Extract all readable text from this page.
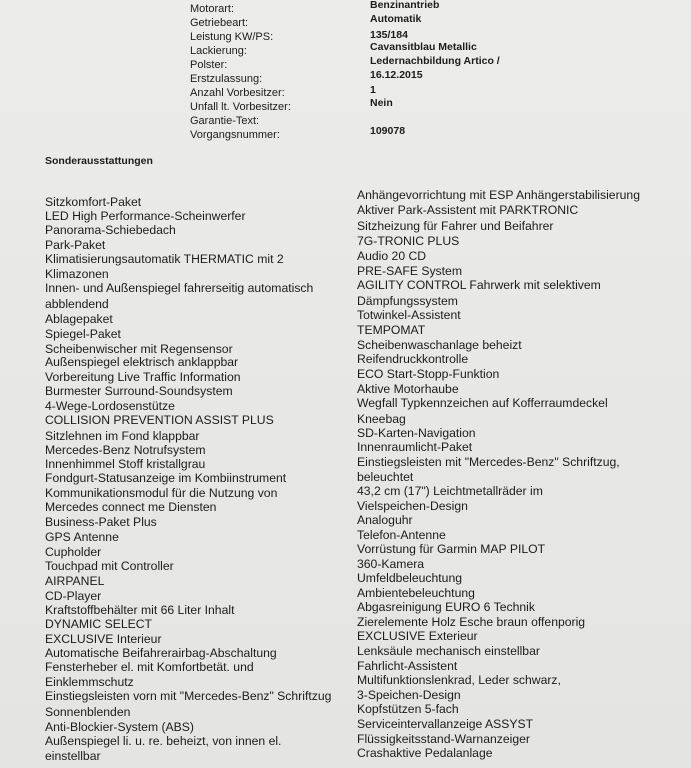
Motorart:	Benzinantrieb
Getriebeart:	Automatik
Leistung KW/PS:	135/184
Lackierung:	Cavansitblau Metallic
Polster:	Ledernachbildung Artico /
Erstzulassung:	16.12.2015
Anzahl Vorbesitzer:	1
Unfall lt. Vorbesitzer:	Nein
Garantie-Text:
Vorgangsnummer:	109078
Sonderausstattungen
Sitzkomfort-Paket
LED High Performance-Scheinwerfer
Panorama-Schiebedach
Park-Paket
Klimatisierungsautomatik THERMATIC mit 2
Klimazonen
Innen- und Außenspiegel fahrerseitig automatisch
abblendend
Ablagepaket
Spiegel-Paket
Scheibenwischer mit Regensensor
Außenspiegel elektrisch anklappbar
Vorbereitung Live Traffic Information
Burmester Surround-Soundsystem
4-Wege-Lordosenstütze
COLLISION PREVENTION ASSIST PLUS
Sitzlehnen im Fond klappbar
Mercedes-Benz Notrufsystem
Innenhimmel Stoff kristallgrau
Fondgurt-Statusanzeige im Kombiinstrument
Kommunikationsmodul für die Nutzung von
Mercedes connect me Diensten
Business-Paket Plus
GPS Antenne
Cupholder
Touchpad mit Controller
AIRPANEL
CD-Player
Kraftstoffbehälter mit 66 Liter Inhalt
DYNAMIC SELECT
EXCLUSIVE Interieur
Automatische Beifahrerairbag-Abschaltung
Fensterheber el. mit Komfortbetät. und
Einklemmschutz
Einstiegsleisten vorn mit "Mercedes-Benz" Schriftzug
Sonnenblenden
Anti-Blockier-System (ABS)
Außenspiegel li. u. re. beheizt, von innen el.
einstellbar
Anhängevorrichtung mit ESP Anhängerstabilisierung
Aktiver Park-Assistent mit PARKTRONIC
Sitzheizung für Fahrer und Beifahrer
7G-TRONIC PLUS
Audio 20 CD
PRE-SAFE System
AGILITY CONTROL Fahrwerk mit selektivem
Dämpfungssystem
Totwinkel-Assistent
TEMPOMAT
Scheibenwaschanlage beheizt
Reifendruckkontrolle
ECO Start-Stopp-Funktion
Aktive Motorhaube
Wegfall Typkennzeichen auf Kofferraumdeckel
Kneebag
SD-Karten-Navigation
Innenraumlicht-Paket
Einstiegsleisten mit "Mercedes-Benz" Schriftzug,
beleuchtet
43,2 cm (17") Leichtmetallräder im
Vielspeichen-Design
Analoguhr
Telefon-Antenne
Vorrüstung für Garmin MAP PILOT
360-Kamera
Umfeldbeleuchtung
Ambientebeleuchtung
Abgasreinigung EURO 6 Technik
Zierelemente Holz Esche braun offenporig
EXCLUSIVE Exterieur
Lenksäule mechanisch einstellbar
Fahrlicht-Assistent
Multifunktionslenkrad, Leder schwarz,
3-Speichen-Design
Kopfstützen 5-fach
Serviceintervallanzeige ASSYST
Flüssigkeitsstand-Warnanzeiger
Crashaktive Pedalanlage
